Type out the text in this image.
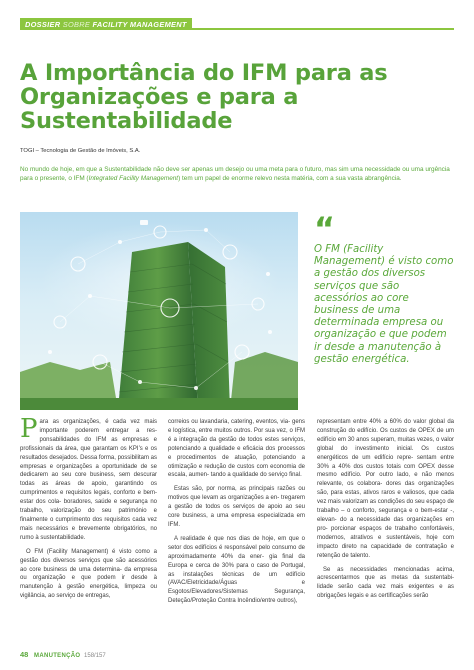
DOSSIER SOBRE FACILITY MANAGEMENT
A Importância do IFM para as Organizações e para a Sustentabilidade
TOGI – Tecnologia de Gestão de Imóveis, S.A.

No mundo de hoje, em que a Sustentabilidade não deve ser apenas um desejo ou uma meta para o futuro, mas sim uma necessidade ou uma urgência para o presente, o IFM (Integrated Facility Management) tem um papel de enorme relevo nesta matéria, com a sua vasta abrangência.

“
O FM (Facility Management) é visto como a gestão dos diversos serviços que são acessórios ao core business de uma determinada empresa ou organização e que podem ir desde a manutenção à gestão energética.

Para as organizações, é cada vez mais importante poderem entregar a res- ponsabilidades do IFM as empresas e profissionais da área, que garantam os KPI’s e os resultados desejados. Dessa forma, possibilitam as empresas e organizações a oportunidade de se dedicarem ao seu core business, sem descurar todas as áreas de apoio, garantindo os cumprimentos e requisitos legais, conforto e bem-estar dos cola- boradores, saúde e segurança no trabalho, valorização do seu património e finalmente o cumprimento dos requisitos cada vez mais necessários e brevemente obrigatórios, no rumo à sustentabilidade.

O FM (Facility Management) é visto como a gestão dos diversos serviços que são acessórios ao core business de uma determina- da empresa ou organização e que podem ir desde à manutenção à gestão energética, limpeza ou vigilância, ao serviço de entregas,

correios ou lavandaria, catering, eventos, via- gens e logística, entre muitos outros. Por sua vez, o IFM é a integração da gestão de todos estes serviços, potenciando a qualidade e eficácia dos processos e procedimentos de atuação, potenciando a otimização e redução de custos com economia de escala, aumen- tando a qualidade do serviço final.

Estas são, por norma, as principais razões ou motivos que levam as organizações a en- tregarem a gestão de todos os serviços de apoio ao seu core business, a uma empresa especializada em IFM.

A realidade é que nos dias de hoje, em que o setor dos edifícios é responsável pelo consumo de aproximadamente 40% da ener- gia final da Europa e cerca de 30% para o caso de Portugal, as instalações técnicas de um edifício (AVAC/Eletricidade/Águas e Esgotos/Elevadores/Sistemas Segurança, Deteção/Proteção Contra Incêndio/entre outros),

representam entre 40% a 60% do valor global da construção do edifício. Os custos de OPEX de um edifício em 30 anos superam, muitas vezes, o valor global do investimento inicial. Os custos energéticos de um edifício repre- sentam entre 30% a 40% dos custos totais com OPEX desse mesmo edifício. Por outro lado, e não menos relevante, os colabora- dores das organizações são, para estas, ativos raros e valiosos, que cada vez mais valorizam as condições do seu espaço de trabalho – o conforto, segurança e o bem-estar -, elevan- do a necessidade das organizações em pro- porcionar espaços de trabalho confortáveis, modernos, atrativos e sustentáveis, hoje com impacto direto na capacidade de contratação e retenção de talento.

Se as necessidades mencionadas acima, acrescentarmos que as metas da sustentabi- lidade serão cada vez mais exigentes e as obrigações legais e as certificações serão

48 MANUTENÇÃO 158/157
